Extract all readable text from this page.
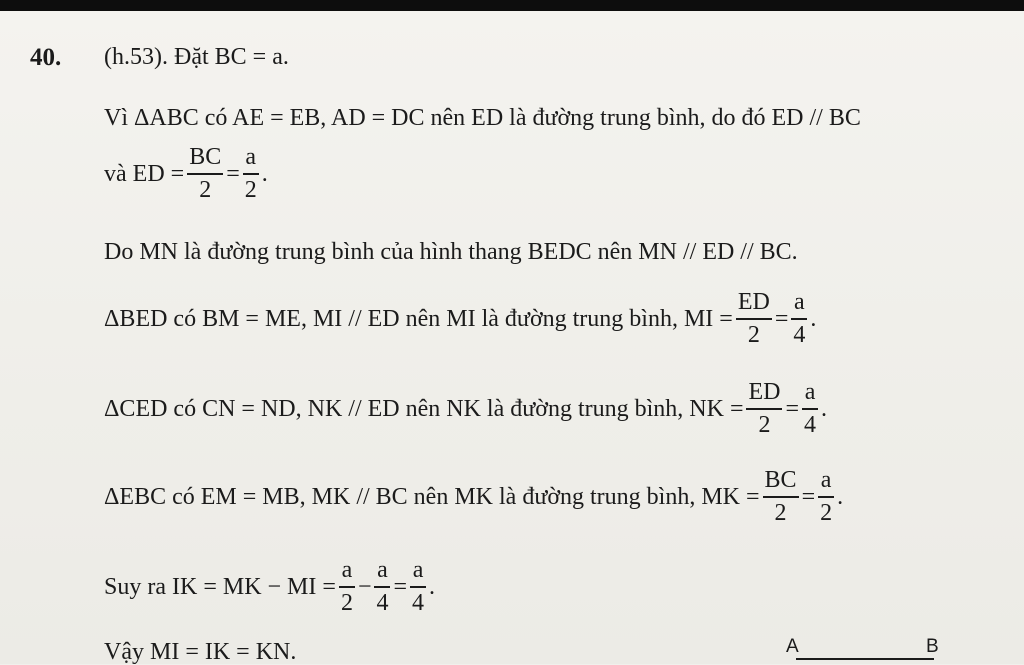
40. (h.53). Đặt BC = a.
Vì ΔABC có AE = EB, AD = DC nên ED là đường trung bình, do đó ED // BC
và ED = $\frac{BC}{2} = \frac{a}{2}$ .
Do MN là đường trung bình của hình thang BEDC nên MN // ED // BC.
ΔBED có BM = ME, MI // ED nên MI là đường trung bình, MI = $\frac{ED}{2} = \frac{a}{4}$ .
ΔCED có CN = ND, NK // ED nên NK là đường trung bình, NK = $\frac{ED}{2} = \frac{a}{4}$ .
ΔEBC có EM = MB, MK // BC nên MK là đường trung bình, MK = $\frac{BC}{2} = \frac{a}{2}$ .
Suy ra IK = MK − MI = $\frac{a}{2} - \frac{a}{4} = \frac{a}{4}$ .
Vậy MI = IK = KN.	A	B
